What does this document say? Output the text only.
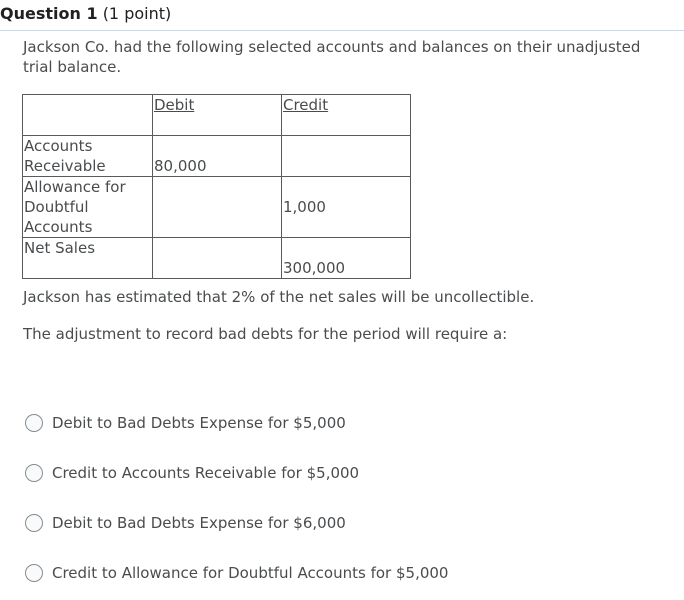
Question 1 (1 point)
Jackson Co. had the following selected accounts and balances on their unadjusted trial balance.
	Debit	Credit
Accounts Receivable	80,000	
Allowance for Doubtful Accounts		1,000
Net Sales		300,000
Jackson has estimated that 2% of the net sales will be uncollectible.
The adjustment to record bad debts for the period will require a:
Debit to Bad Debts Expense for $5,000
Credit to Accounts Receivable for $5,000
Debit to Bad Debts Expense for $6,000
Credit to Allowance for Doubtful Accounts for $5,000
